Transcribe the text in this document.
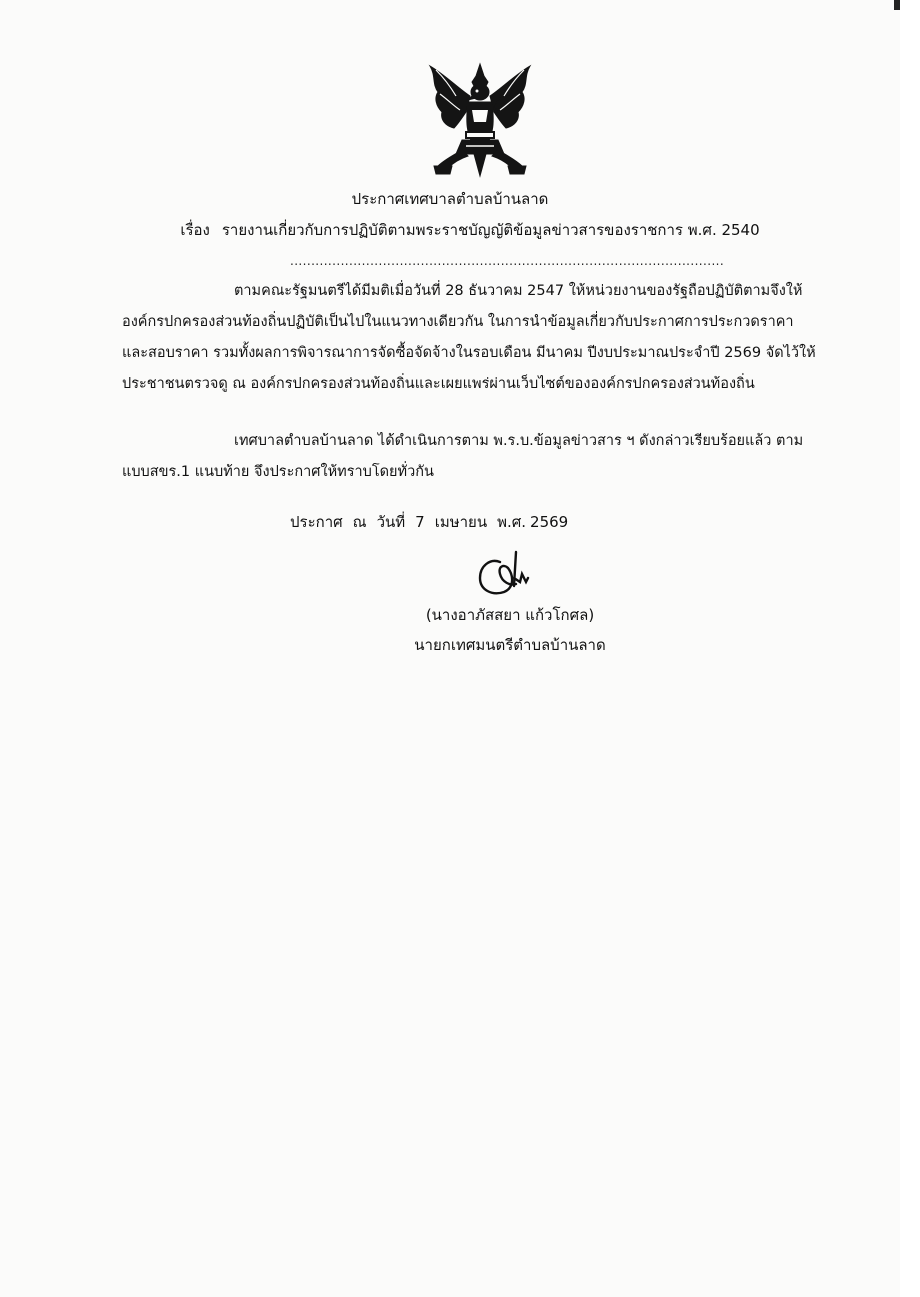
ประกาศเทศบาลตำบลบ้านลาด
เรื่อง รายงานเกี่ยวกับการปฏิบัติตามพระราชบัญญัติข้อมูลข่าวสารของราชการ พ.ศ. 2540
.......................................................................................................
ตามคณะรัฐมนตรีได้มีมติเมื่อวันที่ 28 ธันวาคม 2547 ให้หน่วยงานของรัฐถือปฏิบัติตามจึงให้
องค์กรปกครองส่วนท้องถิ่นปฏิบัติเป็นไปในแนวทางเดียวกัน ในการนำข้อมูลเกี่ยวกับประกาศการประกวดราคา
และสอบราคา รวมทั้งผลการพิจารณาการจัดซื้อจัดจ้างในรอบเดือน มีนาคม ปีงบประมาณประจำปี 2569 จัดไว้ให้
ประชาชนตรวจดู ณ องค์กรปกครองส่วนท้องถิ่นและเผยแพร่ผ่านเว็บไซต์ขององค์กรปกครองส่วนท้องถิ่น
เทศบาลตำบลบ้านลาด ได้ดำเนินการตาม พ.ร.บ.ข้อมูลข่าวสาร ฯ ดังกล่าวเรียบร้อยแล้ว ตาม
แบบสขร.1 แนบท้าย จึงประกาศให้ทราบโดยทั่วกัน
ประกาศ ณ วันที่ 7 เมษายน พ.ศ. 2569
(นางอาภัสสยา แก้วโกศล)
นายกเทศมนตรีตำบลบ้านลาด
